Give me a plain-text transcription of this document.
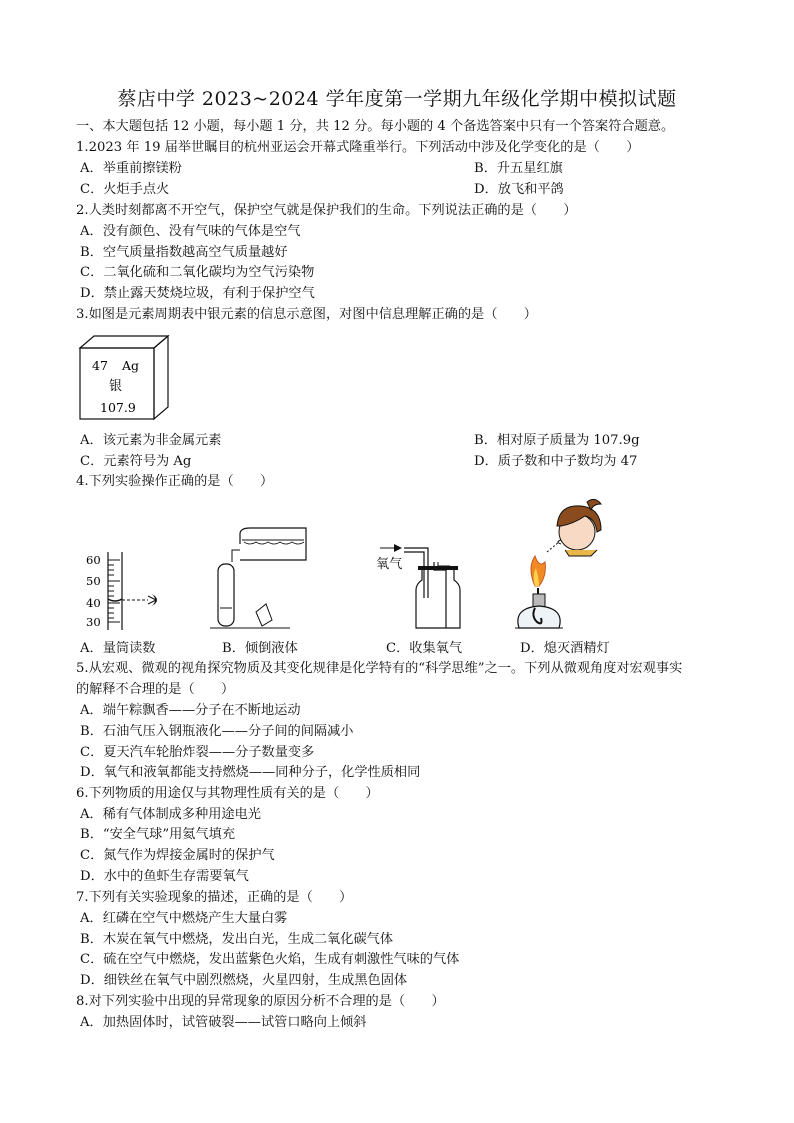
蔡店中学 2023~2024 学年度第一学期九年级化学期中模拟试题
一、本大题包括 12 小题，每小题 1 分，共 12 分。每小题的 4 个备选答案中只有一个答案符合题意。
1.2023 年 19 届举世瞩目的杭州亚运会开幕式隆重举行。下列活动中涉及化学变化的是（　　）
A．举重前擦镁粉	B．升五星红旗
C．火炬手点火	D．放飞和平鸽
2.人类时刻都离不开空气，保护空气就是保护我们的生命。下列说法正确的是（　　）
A．没有颜色、没有气味的气体是空气
B．空气质量指数越高空气质量越好
C．二氧化硫和二氧化碳均为空气污染物
D．禁止露天焚烧垃圾，有利于保护空气
3.如图是元素周期表中银元素的信息示意图，对图中信息理解正确的是（　　）
47 Ag
银
107.9
A．该元素为非金属元素	B．相对原子质量为 107.9g
C．元素符号为 Ag	D．质子数和中子数均为 47
4.下列实验操作正确的是（　　）
60
50
40
30
氧气
A．量筒读数	B．倾倒液体	C．收集氧气	D．熄灭酒精灯
5.从宏观、微观的视角探究物质及其变化规律是化学特有的“科学思维”之一。下列从微观角度对宏观事实
的解释不合理的是（　　）
A．端午粽飘香——分子在不断地运动
B．石油气压入钢瓶液化——分子间的间隔减小
C．夏天汽车轮胎炸裂——分子数量变多
D．氧气和液氧都能支持燃烧——同种分子，化学性质相同
6.下列物质的用途仅与其物理性质有关的是（　　）
A．稀有气体制成多种用途电光
B．“安全气球”用氦气填充
C．氮气作为焊接金属时的保护气
D．水中的鱼虾生存需要氧气
7.下列有关实验现象的描述，正确的是（　　）
A．红磷在空气中燃烧产生大量白雾
B．木炭在氧气中燃烧，发出白光，生成二氧化碳气体
C．硫在空气中燃烧，发出蓝紫色火焰，生成有刺激性气味的气体
D．细铁丝在氧气中剧烈燃烧，火星四射，生成黑色固体
8.对下列实验中出现的异常现象的原因分析不合理的是（　　）
A．加热固体时，试管破裂——试管口略向上倾斜
